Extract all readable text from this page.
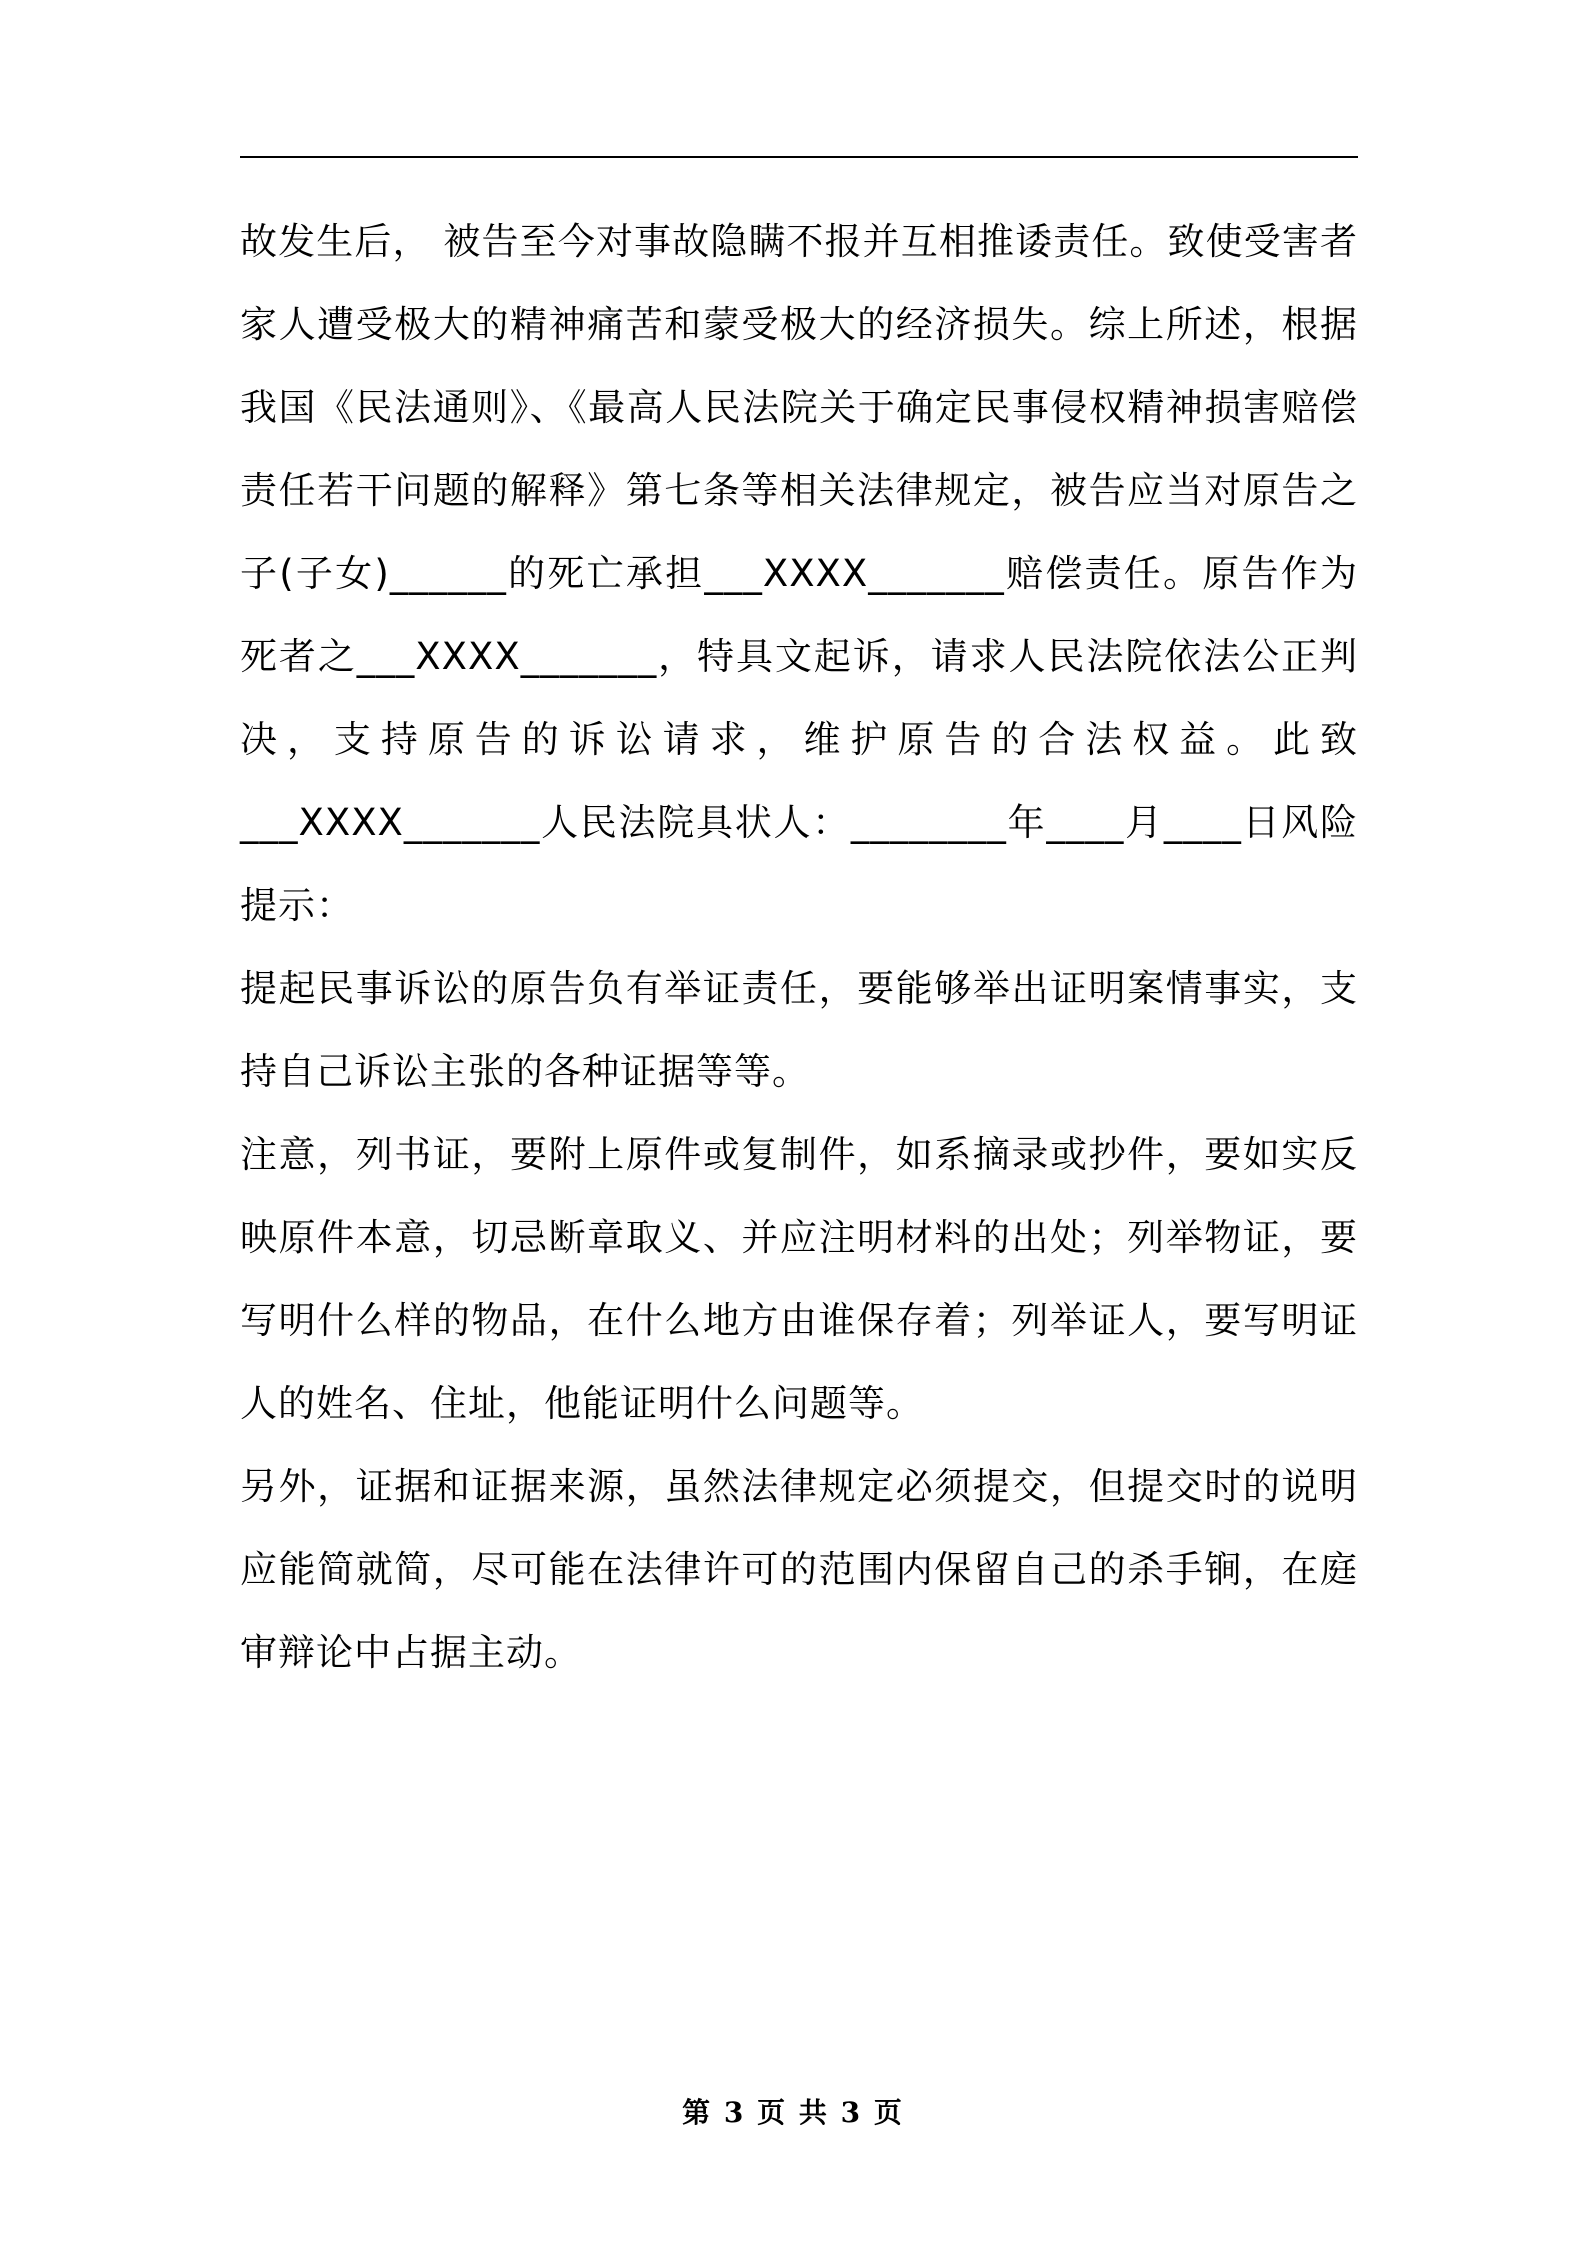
故发生后， 被告至今对事故隐瞒不报并互相推诿责任。致使受害者家人遭受极大的精神痛苦和蒙受极大的经济损失。综上所述，根据我国《民法通则》、《最高人民法院关于确定民事侵权精神损害赔偿责任若干问题的解释》第七条等相关法律规定，被告应当对原告之子(子女)______的死亡承担___XXXX_______赔偿责任。原告作为死者之___XXXX_______，特具文起诉，请求人民法院依法公正判决，支持原告的诉讼请求，维护原告的合法权益。此致___XXXX_______人民法院具状人：________年____月____日风险提示：

提起民事诉讼的原告负有举证责任，要能够举出证明案情事实，支持自己诉讼主张的各种证据等等。

注意，列书证，要附上原件或复制件，如系摘录或抄件，要如实反映原件本意，切忌断章取义、并应注明材料的出处；列举物证，要写明什么样的物品，在什么地方由谁保存着；列举证人，要写明证人的姓名、住址，他能证明什么问题等。

另外，证据和证据来源，虽然法律规定必须提交，但提交时的说明应能简就简，尽可能在法律许可的范围内保留自己的杀手锏，在庭审辩论中占据主动。

第 3 页 共 3 页
